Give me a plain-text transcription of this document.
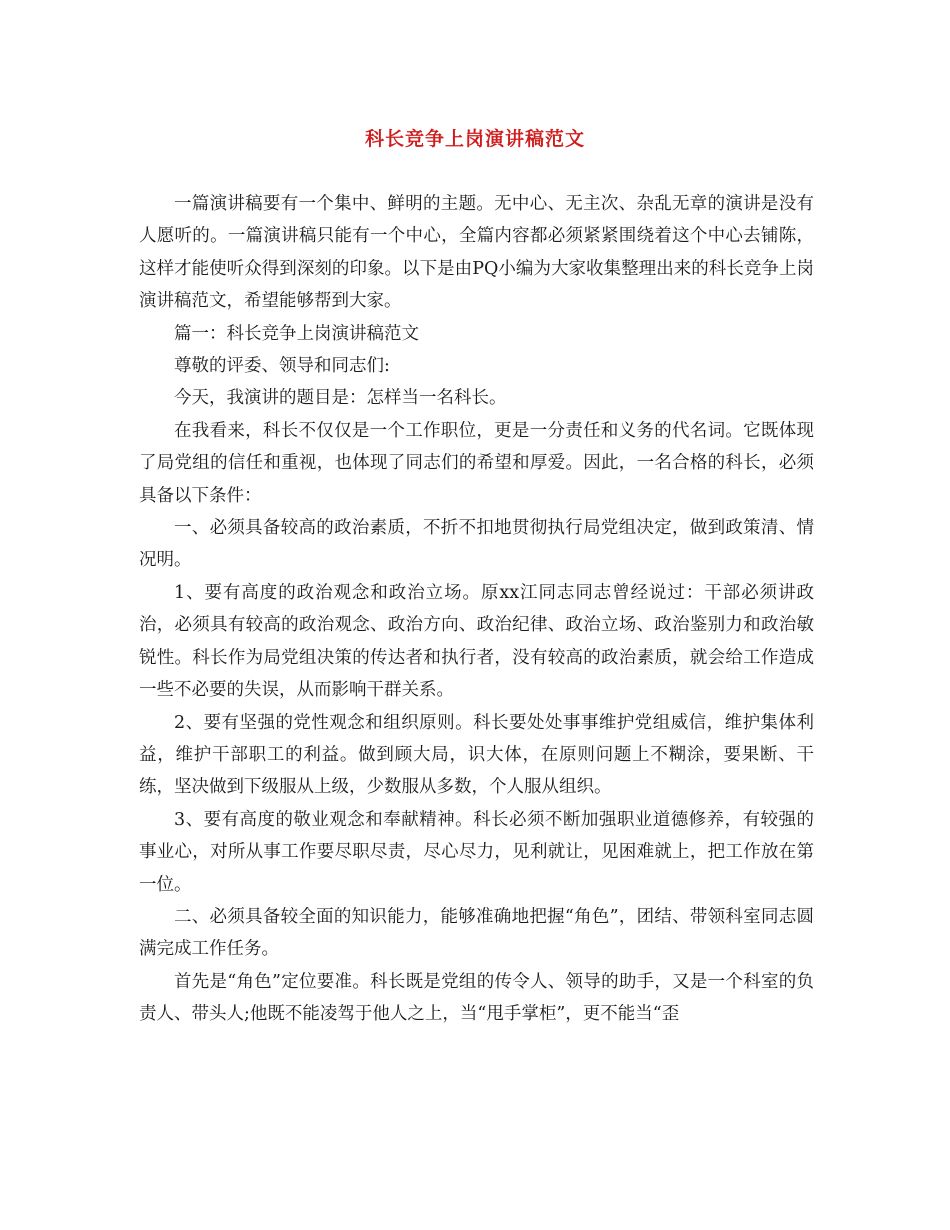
科长竞争上岗演讲稿范文

一篇演讲稿要有一个集中、鲜明的主题。无中心、无主次、杂乱无章的演讲是没有人愿听的。一篇演讲稿只能有一个中心，全篇内容都必须紧紧围绕着这个中心去铺陈，这样才能使听众得到深刻的印象。以下是由PQ小编为大家收集整理出来的科长竞争上岗演讲稿范文，希望能够帮到大家。

篇一：科长竞争上岗演讲稿范文

尊敬的评委、领导和同志们:

今天，我演讲的题目是：怎样当一名科长。

在我看来，科长不仅仅是一个工作职位，更是一分责任和义务的代名词。它既体现了局党组的信任和重视，也体现了同志们的希望和厚爱。因此，一名合格的科长，必须具备以下条件：

一、必须具备较高的政治素质，不折不扣地贯彻执行局党组决定，做到政策清、情况明。

1、要有高度的政治观念和政治立场。原xx江同志同志曾经说过：干部必须讲政治，必须具有较高的政治观念、政治方向、政治纪律、政治立场、政治鉴别力和政治敏锐性。科长作为局党组决策的传达者和执行者，没有较高的政治素质，就会给工作造成一些不必要的失误，从而影响干群关系。

2、要有坚强的党性观念和组织原则。科长要处处事事维护党组威信，维护集体利益，维护干部职工的利益。做到顾大局，识大体，在原则问题上不糊涂，要果断、干练，坚决做到下级服从上级，少数服从多数，个人服从组织。

3、要有高度的敬业观念和奉献精神。科长必须不断加强职业道德修养，有较强的事业心，对所从事工作要尽职尽责，尽心尽力，见利就让，见困难就上，把工作放在第一位。

二、必须具备较全面的知识能力，能够准确地把握“角色”，团结、带领科室同志圆满完成工作任务。

首先是“角色”定位要准。科长既是党组的传令人、领导的助手，又是一个科室的负责人、带头人;他既不能凌驾于他人之上，当“甩手掌柜”，更不能当“歪
